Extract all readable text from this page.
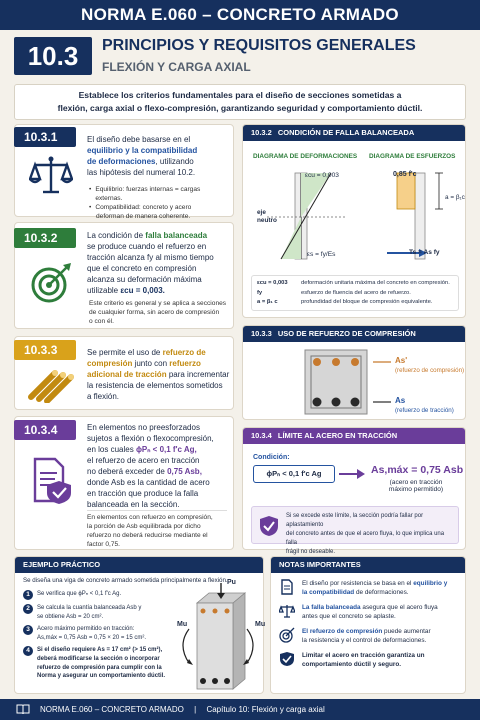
NORMA E.060 – CONCRETO ARMADO
10.3	PRINCIPIOS Y REQUISITOS GENERALES
FLEXIÓN Y CARGA AXIAL
Establece los criterios fundamentales para el diseño de secciones sometidas a
flexión, carga axial o flexo-compresión, garantizando seguridad y comportamiento dúctil.
10.3.1	El diseño debe basarse en el
equilibrio y la compatibilidad
de deformaciones, utilizando
las hipótesis del numeral 10.2.
• Equilibrio: fuerzas internas = cargas externas.
• Compatibilidad: concreto y acero
deforman de manera coherente.
10.3.2	La condición de falla balanceada
se produce cuando el refuerzo en
tracción alcanza fy al mismo tiempo
que el concreto en compresión
alcanza su deformación máxima
utilizable εcu = 0,003.
Este criterio es general y se aplica a secciones
de cualquier forma, sin acero de compresión
o con él.
10.3.3	Se permite el uso de refuerzo de
compresión junto con refuerzo
adicional de tracción para incrementar
la resistencia de elementos sometidos
a flexión.
10.3.4	En elementos no preesforzados
sujetos a flexión o flexocompresión,
en los cuales ϕPₙ < 0,1 f'c Ag,
el refuerzo de acero en tracción
no deberá exceder de 0,75 Asb,
donde Asb es la cantidad de acero
en tracción que produce la falla
balanceada en la sección.
En elementos con refuerzo en compresión,
la porción de Asb equilibrada por dicho
refuerzo no deberá reducirse mediante el
factor 0,75.
10.3.2 CONDICIÓN DE FALLA BALANCEADA
DIAGRAMA DE DEFORMACIONES DIAGRAMA DE ESFUERZOS
εcu = 0,003	0,85 f'c
eje
neutro
εs = fy/Es
a = β₁c
Ts = As fy
εcu = 0,003 deformación unitaria máxima del concreto en compresión.
fy	esfuerzo de fluencia del acero de refuerzo.
a = β₁ c	profundidad del bloque de compresión equivalente.
10.3.3 USO DE REFUERZO DE COMPRESIÓN
As'
(refuerzo de compresión)
As
(refuerzo de tracción)
10.3.4 LÍMITE AL ACERO EN TRACCIÓN
Condición:
ϕPₙ < 0,1 f'c Ag	As,máx = 0,75 Asb
(acero en tracción
máximo permitido)
Si se excede este límite, la sección podría fallar por aplastamiento
del concreto antes de que el acero fluya, lo que implica una falla
frágil no deseable.
EJEMPLO PRÁCTICO
Se diseña una viga de concreto armado sometida principalmente a flexión.
1	Se verifica que ϕPₙ < 0,1 f'c Ag.
2	Se calcula la cuantía balanceada Asb y
se obtiene Asb = 20 cm².
3	Acero máximo permitido en tracción:
As,máx = 0,75 Asb = 0,75 × 20 = 15 cm².
4	Si el diseño requiere As = 17 cm² (> 15 cm²),
deberá modificarse la sección o incorporar
refuerzo de compresión para cumplir con la
Norma y asegurar un comportamiento dúctil.
Pu
Mu	Mu
NOTAS IMPORTANTES
El diseño por resistencia se basa en el equilibrio y
la compatibilidad de deformaciones.
La falla balanceada asegura que el acero fluya
antes que el concreto se aplaste.
El refuerzo de compresión puede aumentar
la resistencia y el control de deformaciones.
Limitar el acero en tracción garantiza un
comportamiento dúctil y seguro.
NORMA E.060 – CONCRETO ARMADO | Capítulo 10: Flexión y carga axial
